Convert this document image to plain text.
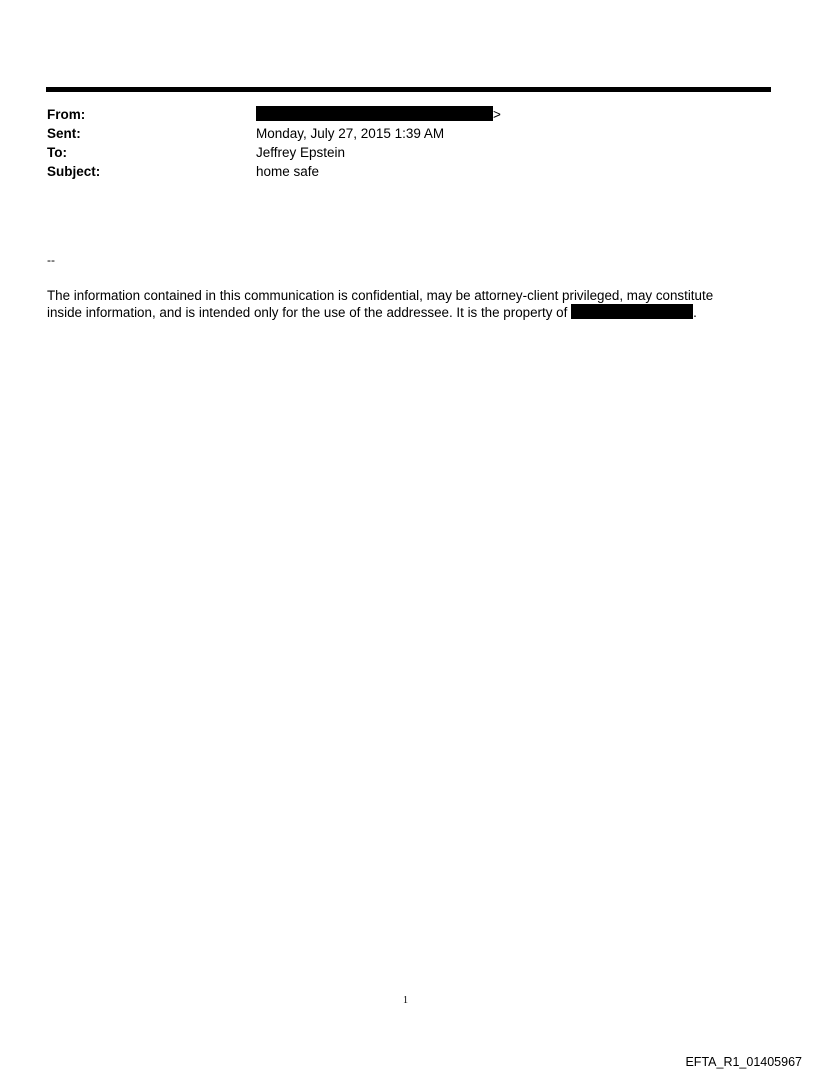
From:	>
Sent:	Monday, July 27, 2015 1:39 AM
To:	Jeffrey Epstein
Subject:	home safe
--
The information contained in this communication is confidential, may be attorney-client privileged, may constitute
inside information, and is intended only for the use of the addressee. It is the property of	.
1
EFTA_R1_01405967
